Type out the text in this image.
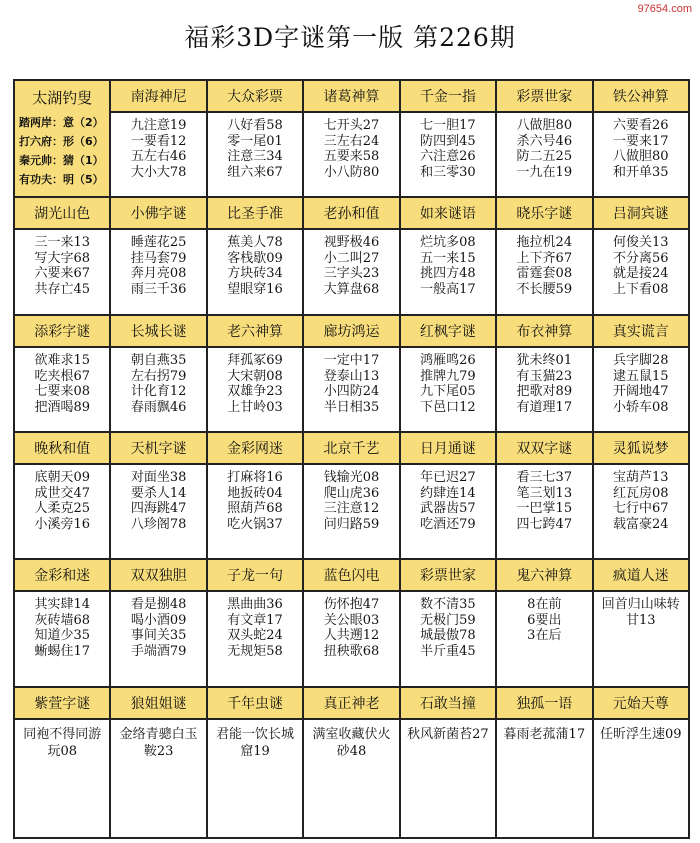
97654.com
福彩3D字谜第一版 第226期
太湖钓叟
踏两岸：意（2）
打六府：形（6）
秦元帅：猜（1）
有功夫：明（5）
南海神尼
九注意19
一要看12
五左右46
大小大78
大众彩票
八好看58
零一尾01
注意三34
组六来67
诸葛神算
七开头27
三左右24
五要来58
小八防80
千金一指
七一胆17
防四到45
六注意26
和三零30
彩票世家
八做胆80
杀六号46
防二五25
一九在19
铁公神算
六要看26
一要来17
八做胆80
和开单35
湖光山色
三一来13
写大字68
六要来67
共存亡45
小佛字谜
睡莲花25
挂马套79
奔月亮08
雨三千36
比圣手准
蕉美人78
客栈歇09
方块砖34
望眼穿16
老孙和值
视野极46
小二叫27
三字头23
大算盘68
如来谜语
烂坑多08
五一来15
挑四方48
一般高17
晓乐字谜
拖拉机24
上下齐67
雷霆套08
不长腰59
吕洞宾谜
何俊关13
不分离56
就是接24
上下看08
添彩字谜
欲难求15
吃夹根67
七要来08
把酒喝89
长城长谜
朝自燕35
左右拐79
计化育12
春雨飘46
老六神算
拜孤冢69
大宋朝08
双雄争23
上甘岭03
廊坊鸿运
一定中17
登泰山13
小四防24
半日相35
红枫字谜
鸿雁鸣26
推牌九79
九下尾05
下邑口12
布衣神算
犹未终01
有玉猫23
把歌对89
有道理17
真实谎言
兵字脚28
逮五鼠15
开阔地47
小轿车08
晚秋和值
底朝天09
成世交47
人柔克25
小溪旁16
天机字谜
对面坐38
要杀人14
四海跳47
八珍阁78
金彩网迷
打麻将16
地扳砖04
照葫芦68
吃火锅37
北京千艺
钱输光08
爬山虎36
三注意12
问归路59
日月通谜
年已迟27
约肆连14
武器齿57
吃酒还79
双双字谜
看三七37
笔三划13
一巴掌15
四七跨47
灵狐说梦
宝葫芦13
红瓦房08
七行中67
载富豪24
金彩和迷
其实肆14
灰砖墙68
知道少35
蜥蜴住17
双双独胆
看是捌48
喝小酒09
事间关35
手端酒79
子龙一句
黑曲曲36
有文章17
双头蛇24
无规矩58
蓝色闪电
伤怀抱47
关公眼03
人共遡12
扭秧歌68
彩票世家
数不清35
无极门59
城最傲78
半斤重45
鬼六神算
8在前
6要出
3在后
疯道人迷
回首归山味转甘13
紫萱字谜
同袍不得同游玩08
狼姐姐谜
金络青骢白玉鞍23
千年虫谜
君能一饮长城窟19
真正神老
满室收藏伏火砂48
石敢当撞
秋风新菌苔27
独孤一语
暮雨老菰蒲17
元始天尊
任昕浮生速09
